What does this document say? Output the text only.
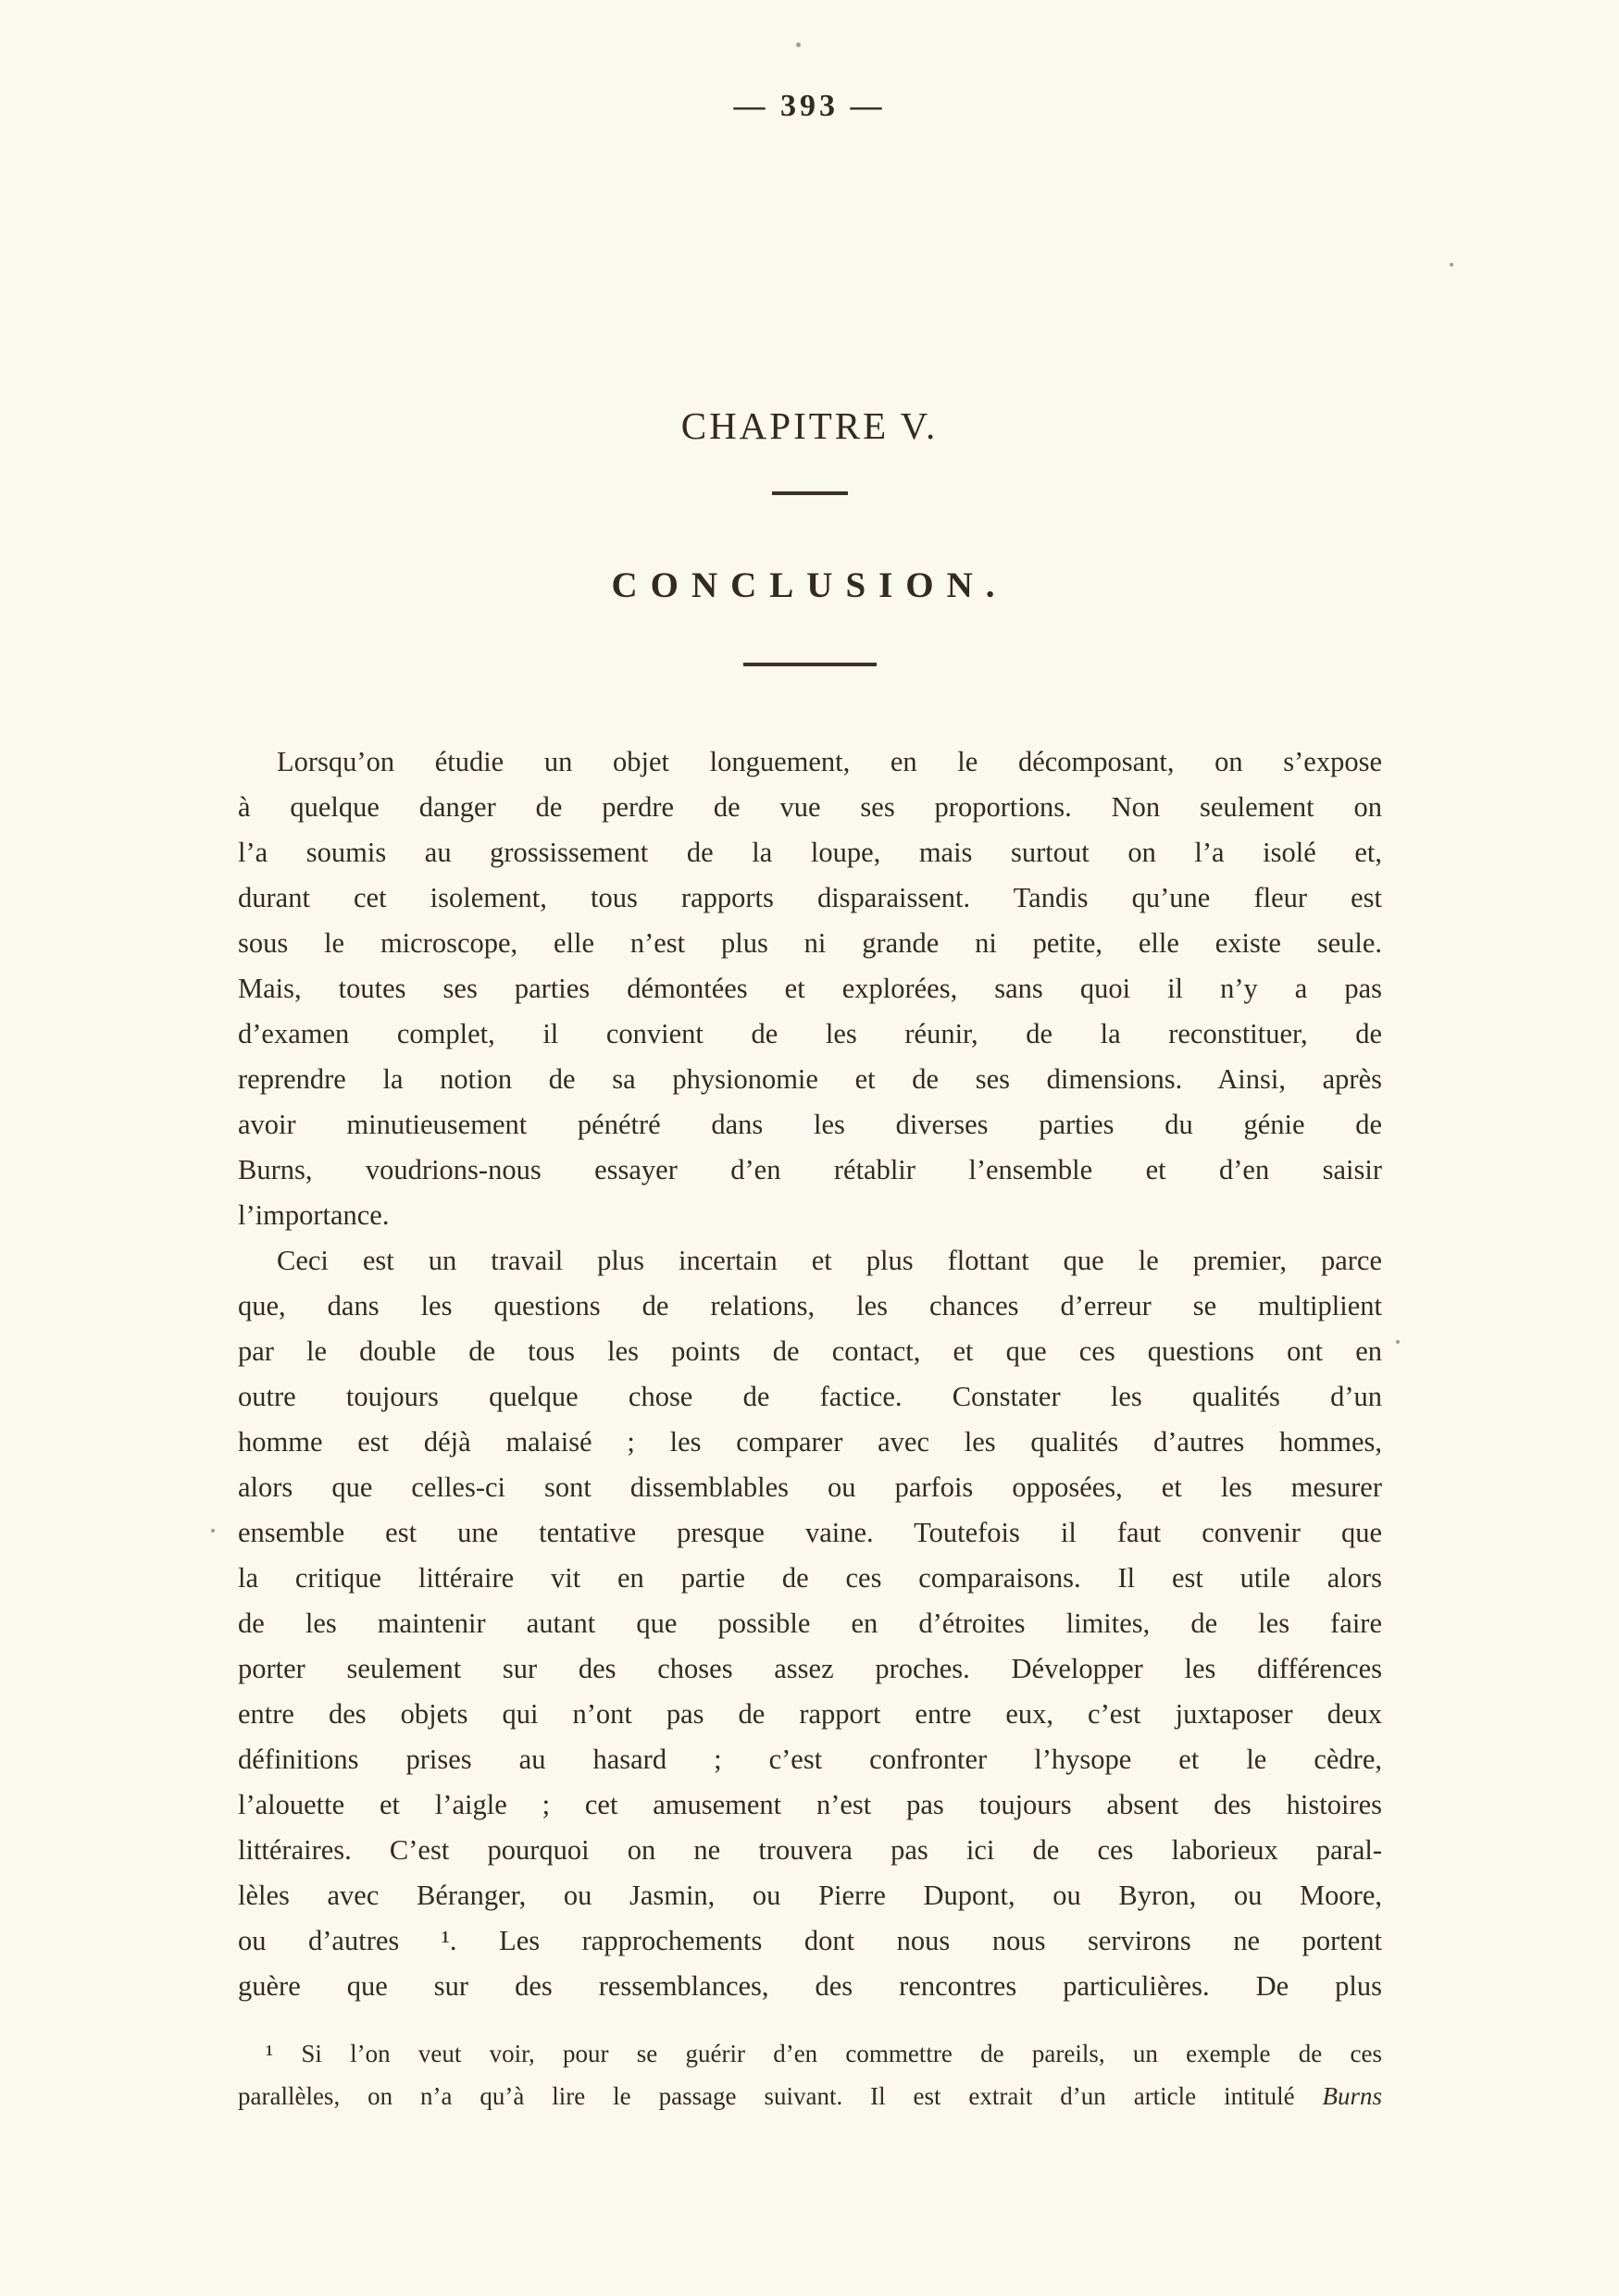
— 393 —
CHAPITRE V.
CONCLUSION.
Lorsqu’on étudie un objet longuement, en le décomposant, on s’expose
à quelque danger de perdre de vue ses proportions. Non seulement on
l’a soumis au grossissement de la loupe, mais surtout on l’a isolé et,
durant cet isolement, tous rapports disparaissent. Tandis qu’une fleur est
sous le microscope, elle n’est plus ni grande ni petite, elle existe seule.
Mais, toutes ses parties démontées et explorées, sans quoi il n’y a pas
d’examen complet, il convient de les réunir, de la reconstituer, de
reprendre la notion de sa physionomie et de ses dimensions. Ainsi, après
avoir minutieusement pénétré dans les diverses parties du génie de
Burns, voudrions-nous essayer d’en rétablir l’ensemble et d’en saisir
l’importance.
Ceci est un travail plus incertain et plus flottant que le premier, parce
que, dans les questions de relations, les chances d’erreur se multiplient
par le double de tous les points de contact, et que ces questions ont en
outre toujours quelque chose de factice. Constater les qualités d’un
homme est déjà malaisé ; les comparer avec les qualités d’autres hommes,
alors que celles-ci sont dissemblables ou parfois opposées, et les mesurer
ensemble est une tentative presque vaine. Toutefois il faut convenir que
la critique littéraire vit en partie de ces comparaisons. Il est utile alors
de les maintenir autant que possible en d’étroites limites, de les faire
porter seulement sur des choses assez proches. Développer les différences
entre des objets qui n’ont pas de rapport entre eux, c’est juxtaposer deux
définitions prises au hasard ; c’est confronter l’hysope et le cèdre,
l’alouette et l’aigle ; cet amusement n’est pas toujours absent des histoires
littéraires. C’est pourquoi on ne trouvera pas ici de ces laborieux paral-
lèles avec Béranger, ou Jasmin, ou Pierre Dupont, ou Byron, ou Moore,
ou d’autres ¹. Les rapprochements dont nous nous servirons ne portent
guère que sur des ressemblances, des rencontres particulières. De plus
¹ Si l’on veut voir, pour se guérir d’en commettre de pareils, un exemple de ces
parallèles, on n’a qu’à lire le passage suivant. Il est extrait d’un article intitulé Burns
